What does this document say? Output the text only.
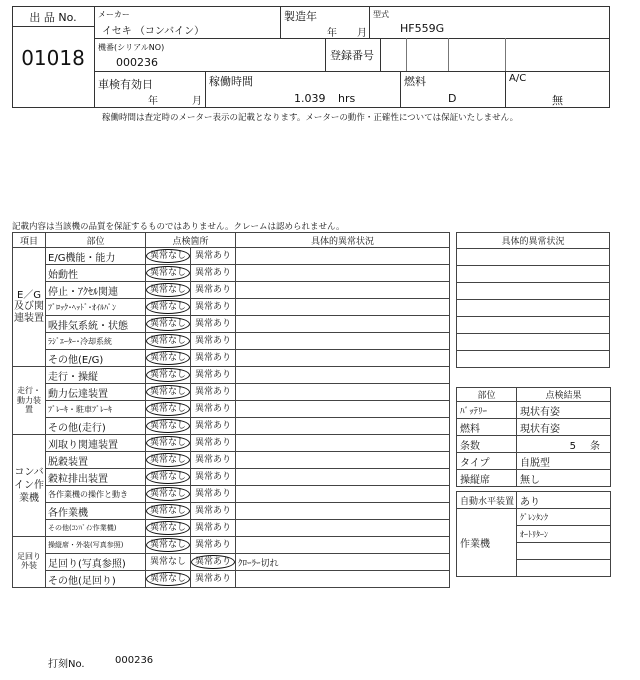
出 品 No.
01018
メーカー
イセキ （コンバイン）
製造年
年 月
型式
HF559G
機番(シリアルNO)
000236
登録番号
車検有効日
年	月
稼働時間
1.039 hrs
燃料
D
A/C
無
稼働時間は査定時のメーター表示の記載となります。メーターの動作・正確性については保証いたしません。
記載内容は当該機の品質を保証するものではありません。クレームは認められません。
項目	部位	点検箇所		具体的異常状況
E／G及び関連装置	E/G機能・能力	異常なし	異常あり	
	始動性	異常なし	異常あり	
	停止・ｱｸｾﾙ関連	異常なし	異常あり	
	ﾌﾞﾛｯｸ･ﾍｯﾄﾞ･ｵｲﾙﾊﾟﾝ	異常なし	異常あり	
	吸排気系統・状態	異常なし	異常あり	
	ﾗｼﾞｴｰﾀｰ･冷却系統	異常なし	異常あり	
	その他(E/G)	異常なし	異常あり	
走行・動力装置	走行・操縦	異常なし	異常あり	
	動力伝達装置	異常なし	異常あり	
	ﾌﾞﾚｰｷ・駐車ﾌﾞﾚｰｷ	異常なし	異常あり	
	その他(走行)	異常なし	異常あり	
コンバイン作業機	刈取り関連装置	異常なし	異常あり	
	脱穀装置	異常なし	異常あり	
	穀粒排出装置	異常なし	異常あり	
	各作業機の操作と動き	異常なし	異常あり	
	各作業機	異常なし	異常あり	
	その他(ｺﾝﾊﾞｲﾝ作業機)	異常なし	異常あり	
足回り外装	操縦席・外装(写真参照)	異常なし	異常あり	
	足回り(写真参照)	異常なし	異常あり	ｸﾛｰﾗｰ切れ
	その他(足回り)	異常なし	異常あり	
具体的異常状況

部位	点検結果
ﾊﾞｯﾃﾘｰ	現状有姿
燃料	現状有姿
条数	5 条
タイプ	自脱型
操縦席	無し
自動水平装置	あり
作業機	ｸﾞﾚﾝﾀﾝｸ
	ｵｰﾄﾘﾀｰﾝ

打刻No.	000236
